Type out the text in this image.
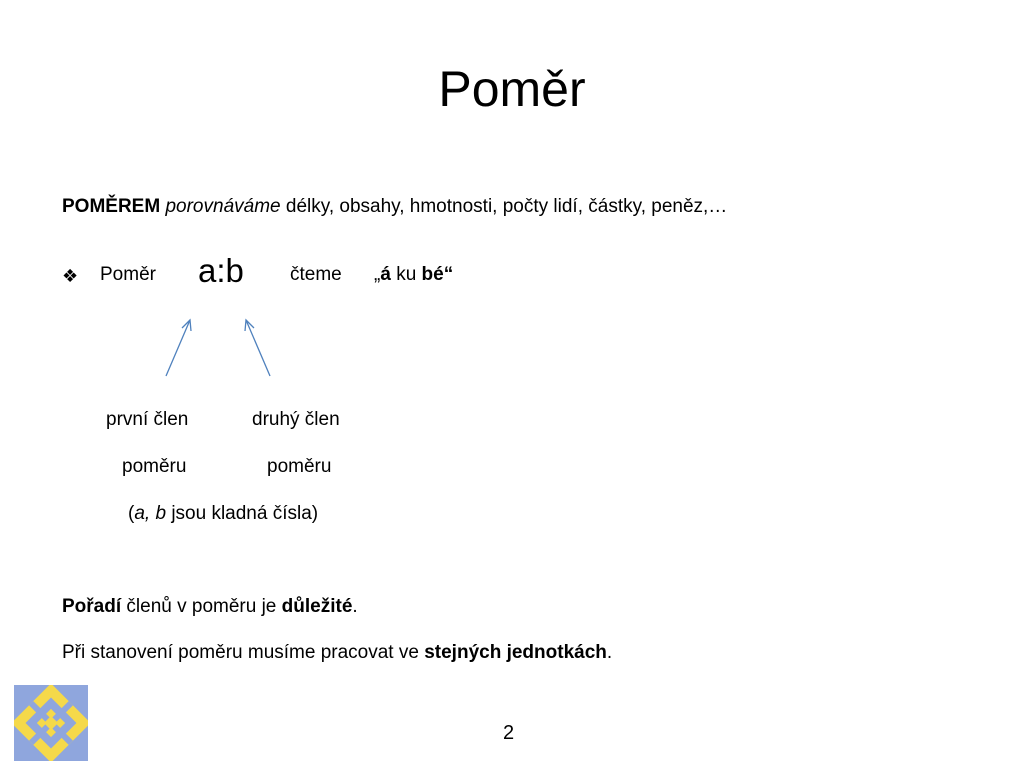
Poměr
POMĚREM porovnáváme délky, obsahy, hmotnosti, počty lidí, částky, peněz,…
❖ Poměr a:b čteme „á ku bé“
první člen
poměru
druhý člen
poměru
(a, b jsou kladná čísla)
Pořadí členů v poměru je důležité.
Při stanovení poměru musíme pracovat ve stejných jednotkách.
2
